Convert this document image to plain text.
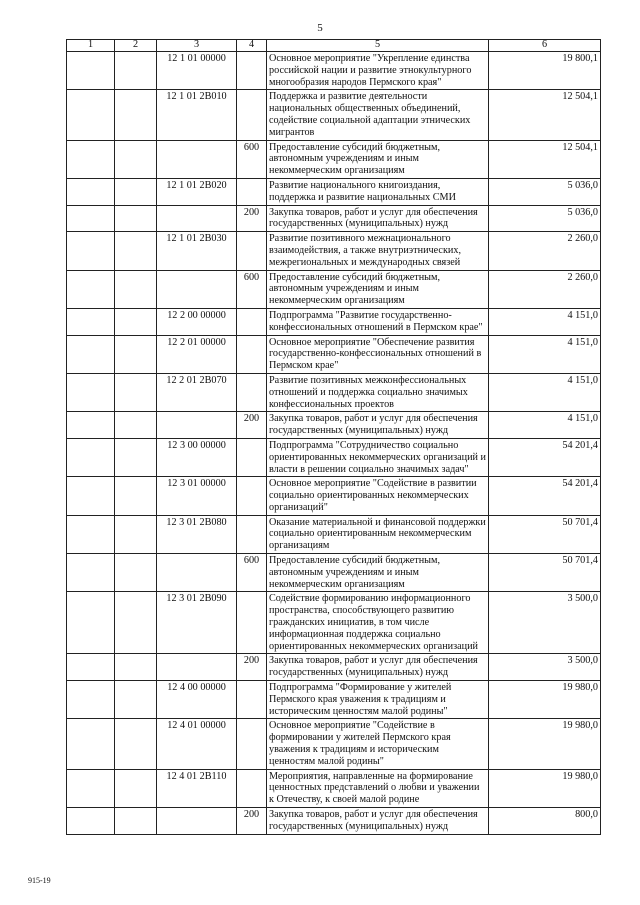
5
1	2	3	4	5	6
		12 1 01 00000		Основное мероприятие "Укрепление единства российской нации и развитие этнокультурного многообразия народов Пермского края"	19 800,1
		12 1 01 2В010		Поддержка и развитие деятельности национальных общественных объединений, содействие социальной адаптации этнических мигрантов	12 504,1
			600	Предоставление субсидий бюджетным, автономным учреждениям и иным некоммерческим организациям	12 504,1
		12 1 01 2В020		Развитие национального книгоиздания, поддержка и развитие национальных СМИ	5 036,0
			200	Закупка товаров, работ и услуг для обеспечения государственных (муниципальных) нужд	5 036,0
		12 1 01 2В030		Развитие позитивного межнационального взаимодействия, а также внутриэтнических, межрегиональных и международных связей	2 260,0
			600	Предоставление субсидий бюджетным, автономным учреждениям и иным некоммерческим организациям	2 260,0
		12 2 00 00000		Подпрограмма "Развитие государственно-конфессиональных отношений в Пермском крае"	4 151,0
		12 2 01 00000		Основное мероприятие "Обеспечение развития государственно-конфессиональных отношений в Пермском крае"	4 151,0
		12 2 01 2В070		Развитие позитивных межконфессиональных отношений и поддержка социально значимых конфессиональных проектов	4 151,0
			200	Закупка товаров, работ и услуг для обеспечения государственных (муниципальных) нужд	4 151,0
		12 3 00 00000		Подпрограмма "Сотрудничество социально ориентированных некоммерческих организаций и власти в решении социально значимых задач"	54 201,4
		12 3 01 00000		Основное мероприятие "Содействие в развитии социально ориентированных некоммерческих организаций"	54 201,4
		12 3 01 2В080		Оказание материальной и финансовой поддержки социально ориентированным некоммерческим организациям	50 701,4
			600	Предоставление субсидий бюджетным, автономным учреждениям и иным некоммерческим организациям	50 701,4
		12 3 01 2В090		Содействие формированию информационного пространства, способствующего развитию гражданских инициатив, в том числе информационная поддержка социально ориентированных некоммерческих организаций	3 500,0
			200	Закупка товаров, работ и услуг для обеспечения государственных (муниципальных) нужд	3 500,0
		12 4 00 00000		Подпрограмма "Формирование у жителей Пермского края уважения к традициям и историческим ценностям малой родины"	19 980,0
		12 4 01 00000		Основное мероприятие "Содействие в формировании у жителей Пермского края уважения к традициям и историческим ценностям малой родины"	19 980,0
		12 4 01 2В110		Мероприятия, направленные на формирование ценностных представлений о любви и уважении к Отечеству, к своей малой родине	19 980,0
			200	Закупка товаров, работ и услуг для обеспечения государственных (муниципальных) нужд	800,0
915-19
